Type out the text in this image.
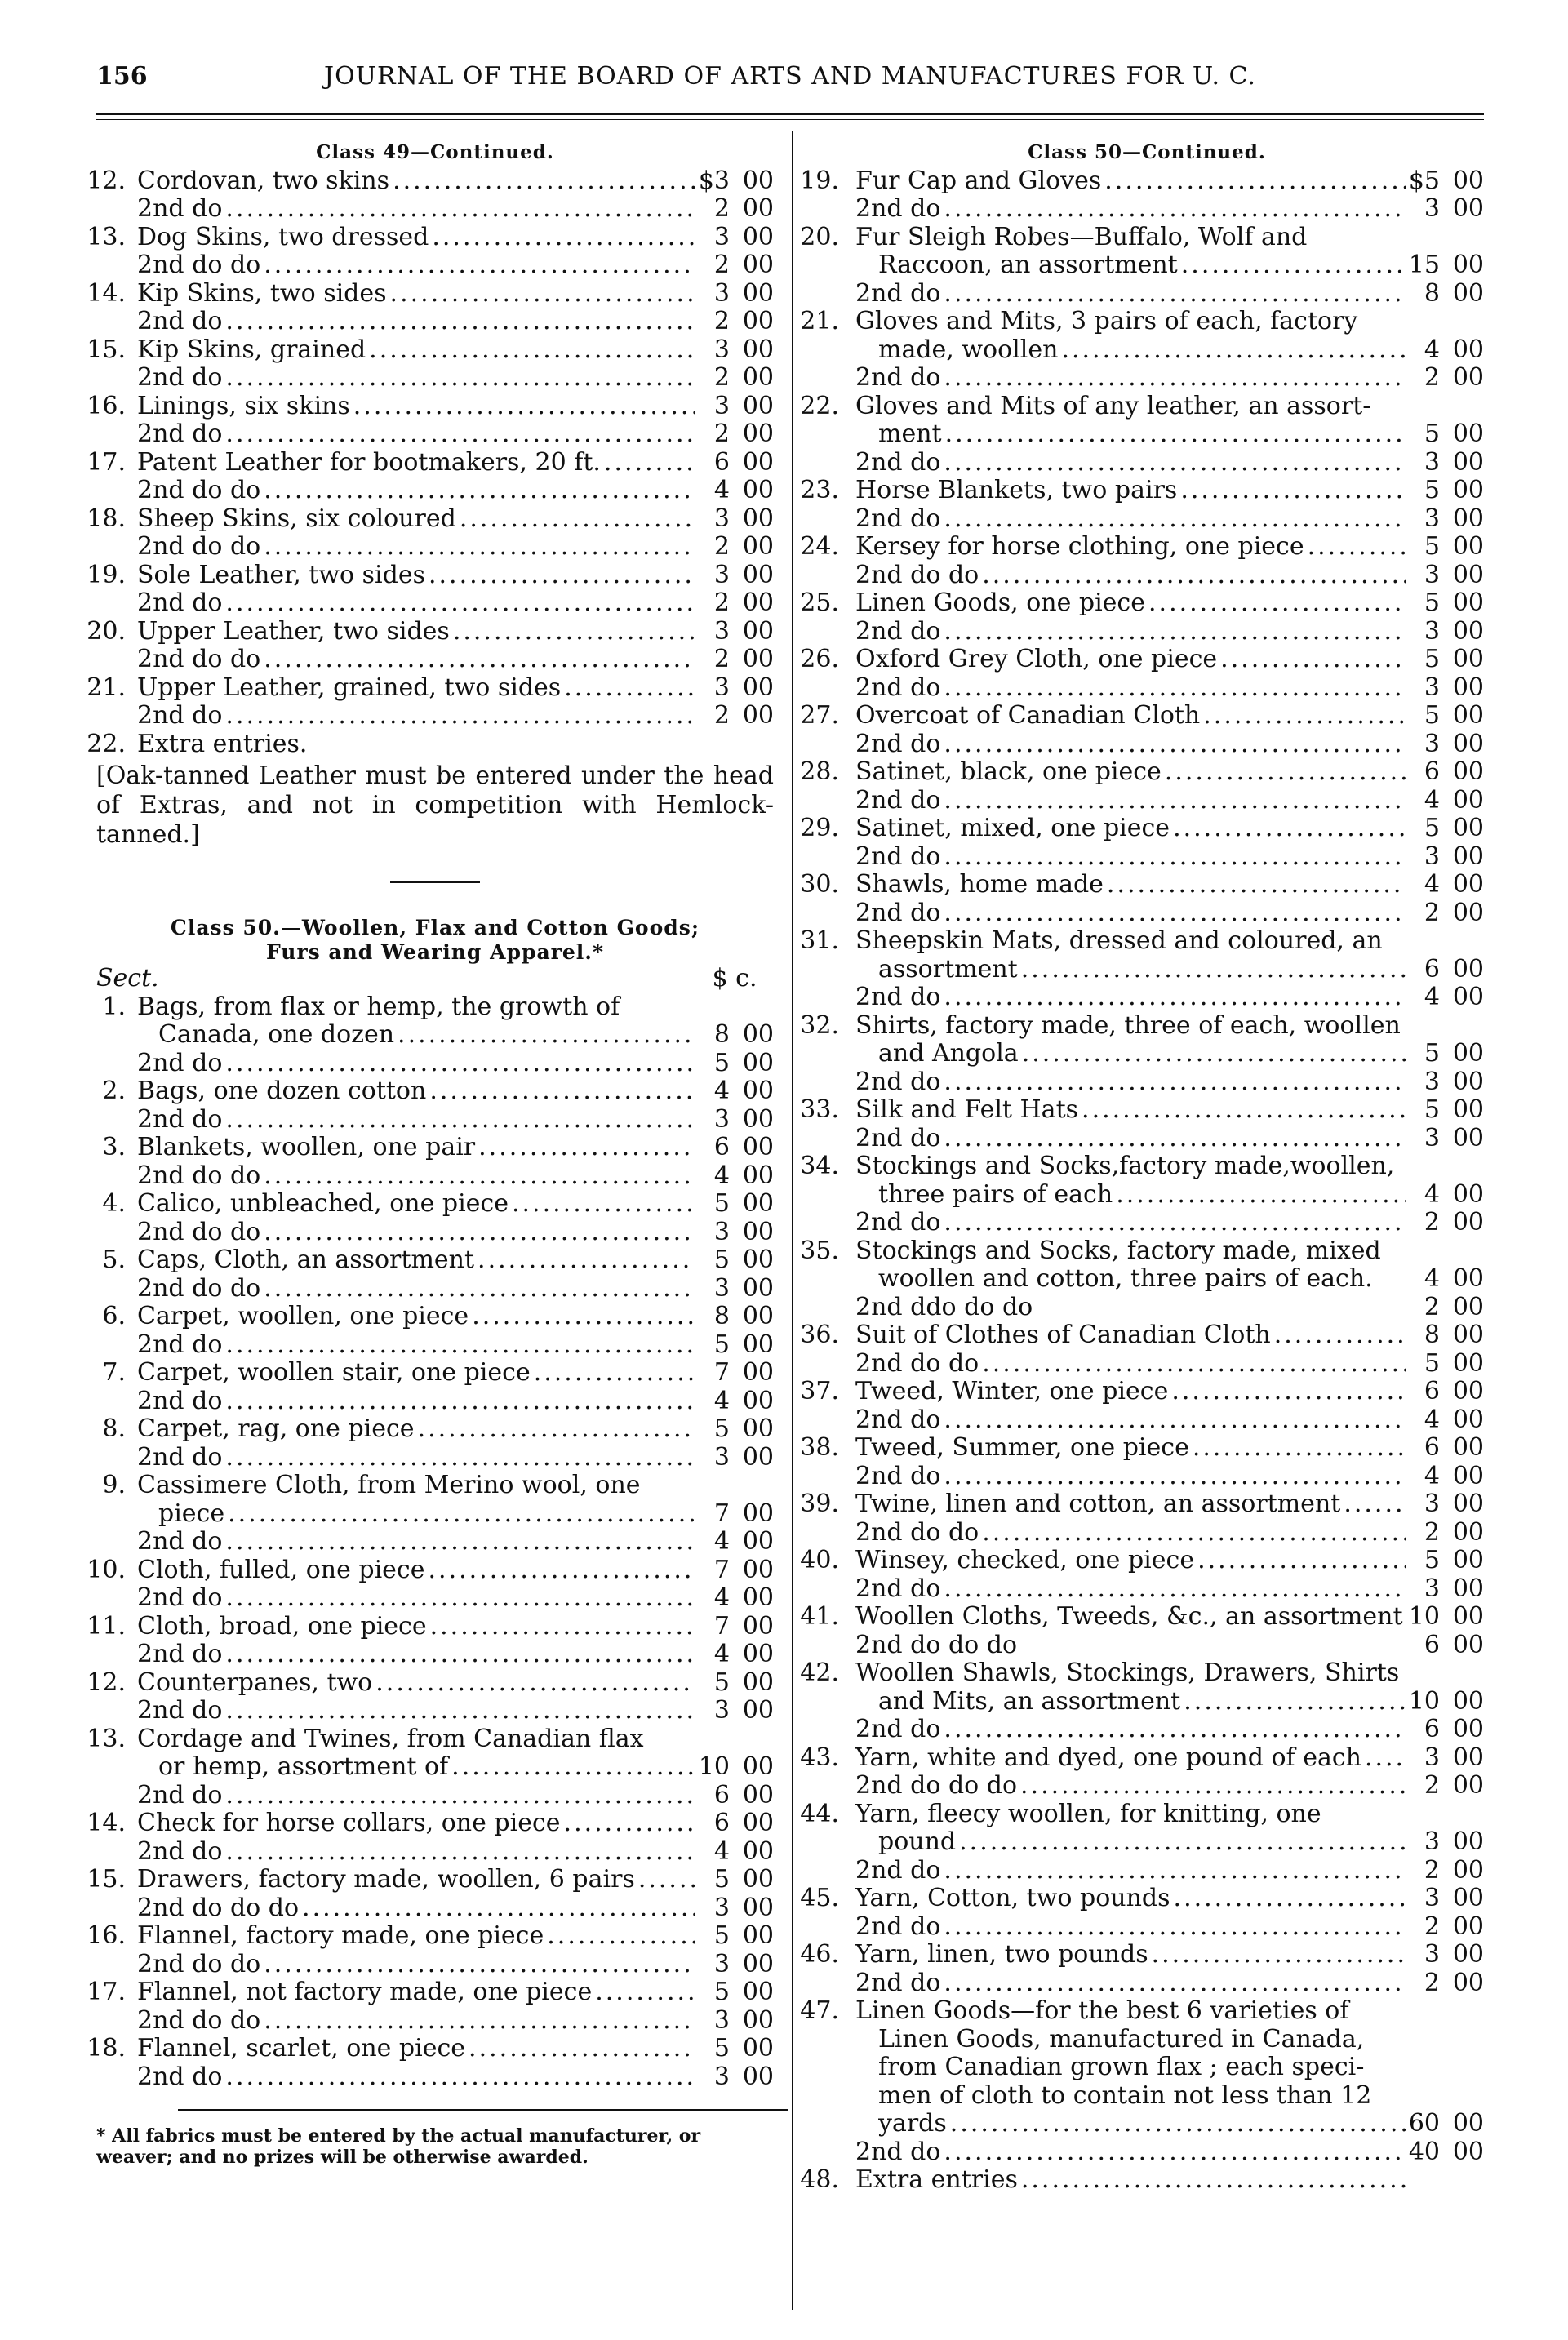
156	JOURNAL OF THE BOARD OF ARTS AND MANUFACTURES FOR U. C.
Class 49—Continued.
12. Cordovan, two skins .....	$3 00
2nd do .....	2 00
13. Dog Skins, two dressed .....	3 00
2nd do do .....	2 00
14. Kip Skins, two sides .....	3 00
2nd do .....	2 00
15. Kip Skins, grained .....	3 00
2nd do .....	2 00
16. Linings, six skins .....	3 00
2nd do .....	2 00
17. Patent Leather for bootmakers, 20 ft. .....	6 00
2nd do do .....	4 00
18. Sheep Skins, six coloured .....	3 00
2nd do do .....	2 00
19. Sole Leather, two sides .....	3 00
2nd do .....	2 00
20. Upper Leather, two sides .....	3 00
2nd do do .....	2 00
21. Upper Leather, grained, two sides .....	3 00
2nd do .....	2 00
22. Extra entries.
[Oak-tanned Leather must be entered under the head of Extras, and not in competition with Hemlock-tanned.]
Class 50.—Woollen, Flax and Cotton Goods;
Furs and Wearing Apparel.*
Sect.	$ c.
1. Bags, from flax or hemp, the growth of
Canada, one dozen .....	8 00
2nd do .....	5 00
2. Bags, one dozen cotton .....	4 00
2nd do .....	3 00
3. Blankets, woollen, one pair .....	6 00
2nd do do .....	4 00
4. Calico, unbleached, one piece .....	5 00
2nd do do .....	3 00
5. Caps, Cloth, an assortment .....	5 00
2nd do do .....	3 00
6. Carpet, woollen, one piece .....	8 00
2nd do .....	5 00
7. Carpet, woollen stair, one piece .....	7 00
2nd do .....	4 00
8. Carpet, rag, one piece .....	5 00
2nd do .....	3 00
9. Cassimere Cloth, from Merino wool, one
piece .....	7 00
2nd do .....	4 00
10. Cloth, fulled, one piece .....	7 00
2nd do .....	4 00
11. Cloth, broad, one piece .....	7 00
2nd do .....	4 00
12. Counterpanes, two .....	5 00
2nd do .....	3 00
13. Cordage and Twines, from Canadian flax
or hemp, assortment of .....	10 00
2nd do .....	6 00
14. Check for horse collars, one piece .....	6 00
2nd do .....	4 00
15. Drawers, factory made, woollen, 6 pairs .....	5 00
2nd do do do .....	3 00
16. Flannel, factory made, one piece .....	5 00
2nd do do .....	3 00
17. Flannel, not factory made, one piece .....	5 00
2nd do do .....	3 00
18. Flannel, scarlet, one piece .....	5 00
2nd do .....	3 00
* All fabrics must be entered by the actual manufacturer, or weaver; and no prizes will be otherwise awarded.
Class 50—Continued.
19. Fur Cap and Gloves .....	$5 00
2nd do .....	3 00
20. Fur Sleigh Robes—Buffalo, Wolf and
Raccoon, an assortment .....	15 00
2nd do .....	8 00
21. Gloves and Mits, 3 pairs of each, factory
made, woollen .....	4 00
2nd do .....	2 00
22. Gloves and Mits of any leather, an assort-
ment .....	5 00
2nd do .....	3 00
23. Horse Blankets, two pairs .....	5 00
2nd do .....	3 00
24. Kersey for horse clothing, one piece .....	5 00
2nd do do .....	3 00
25. Linen Goods, one piece .....	5 00
2nd do .....	3 00
26. Oxford Grey Cloth, one piece .....	5 00
2nd do .....	3 00
27. Overcoat of Canadian Cloth .....	5 00
2nd do .....	3 00
28. Satinet, black, one piece .....	6 00
2nd do .....	4 00
29. Satinet, mixed, one piece .....	5 00
2nd do .....	3 00
30. Shawls, home made .....	4 00
2nd do .....	2 00
31. Sheepskin Mats, dressed and coloured, an
assortment .....	6 00
2nd do .....	4 00
32. Shirts, factory made, three of each, woollen
and Angola .....	5 00
2nd do .....	3 00
33. Silk and Felt Hats .....	5 00
2nd do .....	3 00
34. Stockings and Socks,factory made,woollen,
three pairs of each .....	4 00
2nd do .....	2 00
35. Stockings and Socks, factory made, mixed
woollen and cotton, three pairs of each.	4 00
2nd ddo do do	2 00
36. Suit of Clothes of Canadian Cloth .....	8 00
2nd do do .....	5 00
37. Tweed, Winter, one piece .....	6 00
2nd do .....	4 00
38. Tweed, Summer, one piece .....	6 00
2nd do .....	4 00
39. Twine, linen and cotton, an assortment .....	3 00
2nd do do .....	2 00
40. Winsey, checked, one piece .....	5 00
2nd do .....	3 00
41. Woollen Cloths, Tweeds, &c., an assortment 10 00
2nd do do do	6 00
42. Woollen Shawls, Stockings, Drawers, Shirts
and Mits, an assortment .....	10 00
2nd do .....	6 00
43. Yarn, white and dyed, one pound of each .....	3 00
2nd do do do .....	2 00
44. Yarn, fleecy woollen, for knitting, one
pound .....	3 00
2nd do .....	2 00
45. Yarn, Cotton, two pounds .....	3 00
2nd do .....	2 00
46. Yarn, linen, two pounds .....	3 00
2nd do .....	2 00
47. Linen Goods—for the best 6 varieties of
Linen Goods, manufactured in Canada,
from Canadian grown flax ; each speci-
men of cloth to contain not less than 12
yards .....	60 00
2nd do .....	40 00
48. Extra entries
.....
